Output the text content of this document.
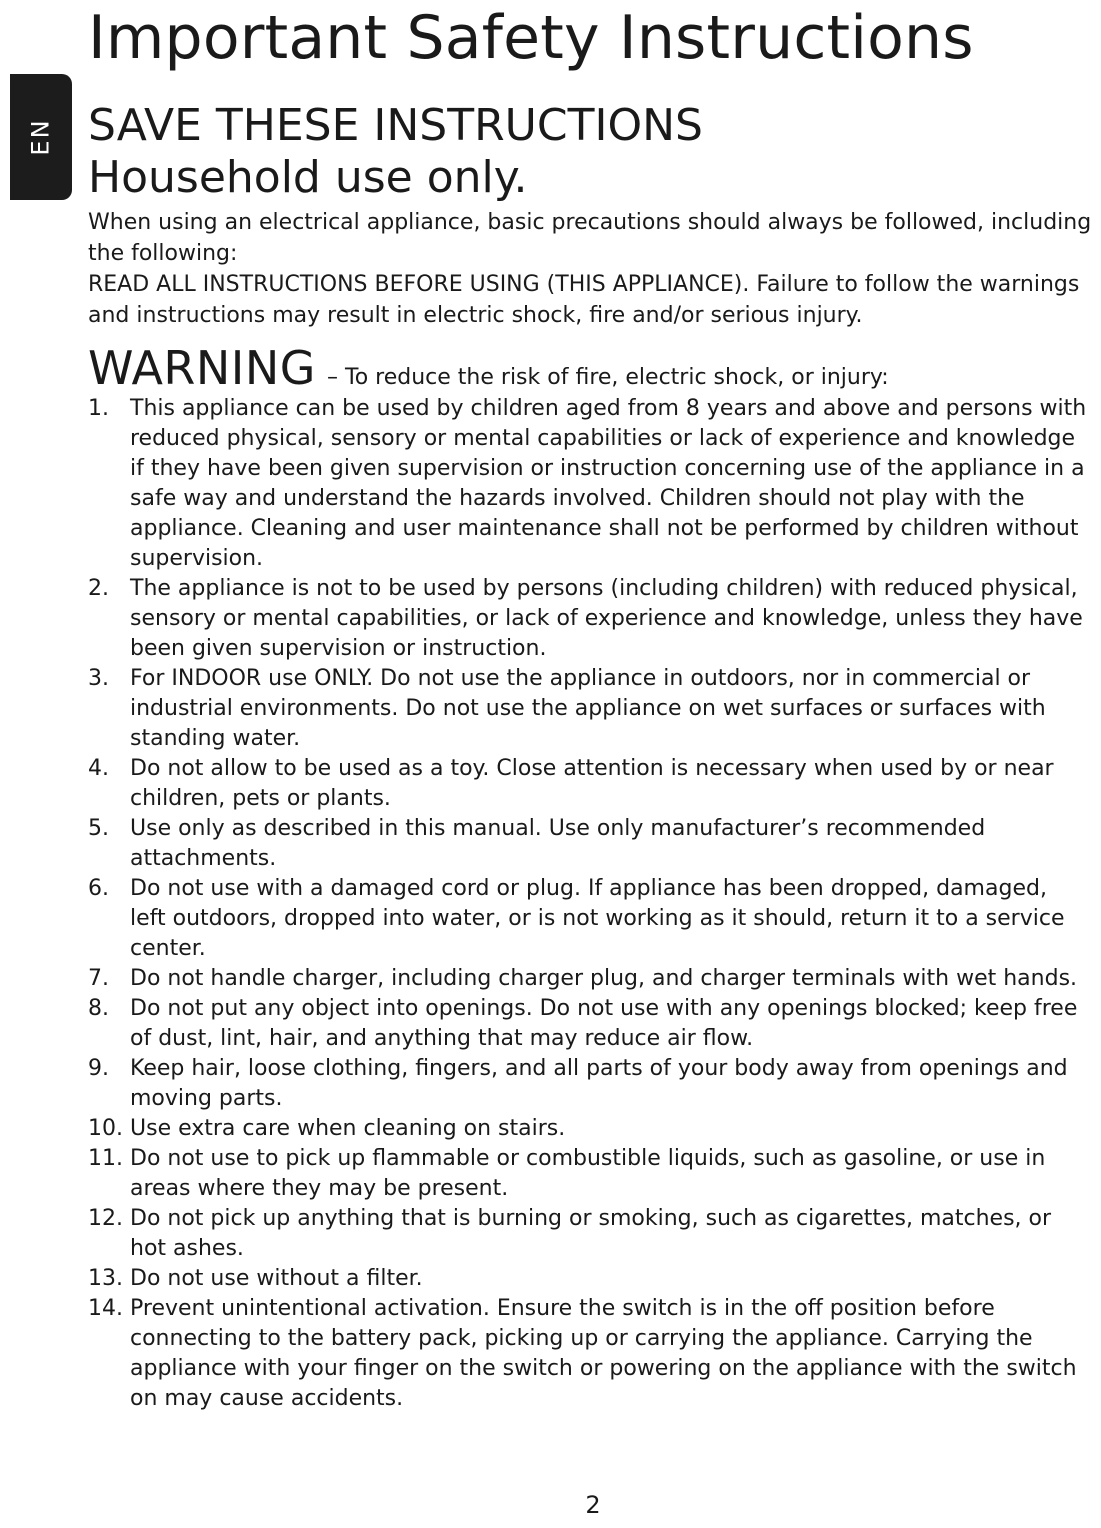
EN
Important Safety Instructions
SAVE THESE INSTRUCTIONS
Household use only.

When using an electrical appliance, basic precautions should always be followed, including the following:

READ ALL INSTRUCTIONS BEFORE USING (THIS APPLIANCE). Failure to follow the warnings and instructions may result in electric shock, fire and/or serious injury.

WARNING – To reduce the risk of fire, electric shock, or injury:
1. This appliance can be used by children aged from 8 years and above and persons with reduced physical, sensory or mental capabilities or lack of experience and knowledge if they have been given supervision or instruction concerning use of the appliance in a safe way and understand the hazards involved. Children should not play with the appliance. Cleaning and user maintenance shall not be performed by children without supervision.
2. The appliance is not to be used by persons (including children) with reduced physical, sensory or mental capabilities, or lack of experience and knowledge, unless they have been given supervision or instruction.
3. For INDOOR use ONLY. Do not use the appliance in outdoors, nor in commercial or industrial environments. Do not use the appliance on wet surfaces or surfaces with standing water.
4. Do not allow to be used as a toy. Close attention is necessary when used by or near children, pets or plants.
5. Use only as described in this manual. Use only manufacturer’s recommended attachments.
6. Do not use with a damaged cord or plug. If appliance has been dropped, damaged, left outdoors, dropped into water, or is not working as it should, return it to a service center.
7. Do not handle charger, including charger plug, and charger terminals with wet hands.
8. Do not put any object into openings. Do not use with any openings blocked; keep free of dust, lint, hair, and anything that may reduce air flow.
9. Keep hair, loose clothing, fingers, and all parts of your body away from openings and moving parts.
10. Use extra care when cleaning on stairs.
11. Do not use to pick up flammable or combustible liquids, such as gasoline, or use in areas where they may be present.
12. Do not pick up anything that is burning or smoking, such as cigarettes, matches, or hot ashes.
13. Do not use without a filter.
14. Prevent unintentional activation. Ensure the switch is in the off position before connecting to the battery pack, picking up or carrying the appliance. Carrying the appliance with your finger on the switch or powering on the appliance with the switch on may cause accidents.
2
